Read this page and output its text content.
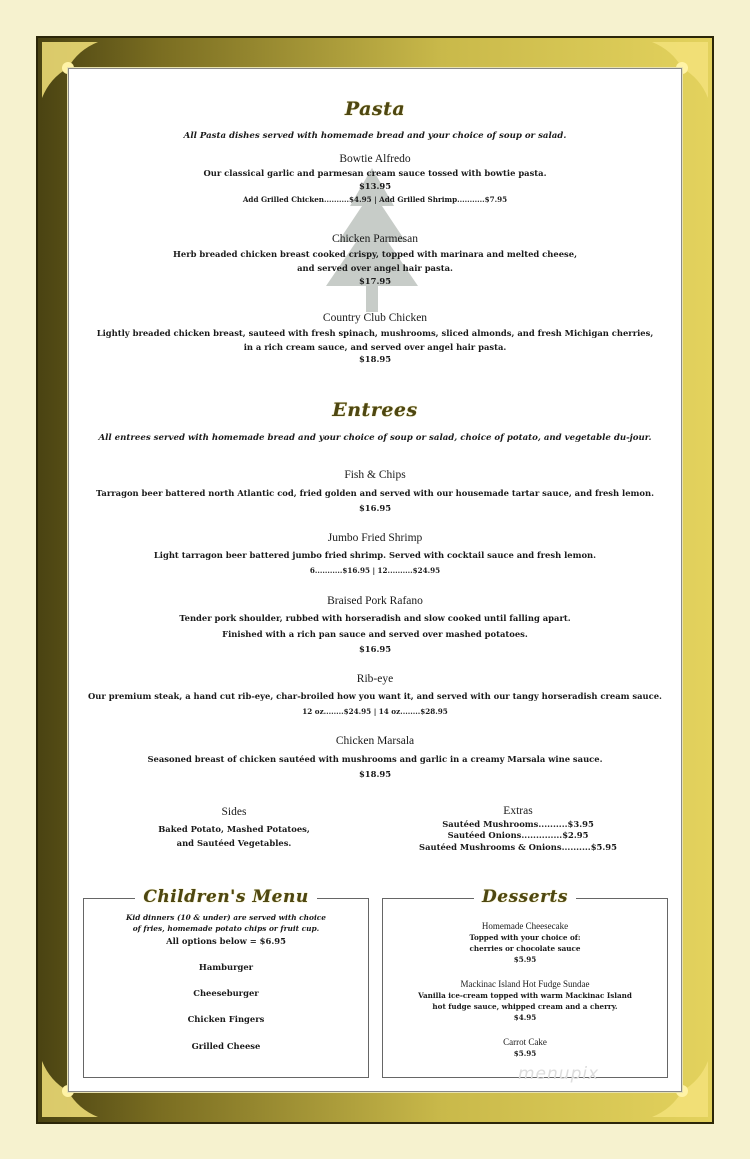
Pasta
All Pasta dishes served with homemade bread and your choice of soup or salad.
Bowtie Alfredo
Our classical garlic and parmesan cream sauce tossed with bowtie pasta.
$13.95
Add Grilled Chicken..........$4.95 | Add Grilled Shrimp...........$7.95
Chicken Parmesan
Herb breaded chicken breast cooked crispy, topped with marinara and melted cheese,
and served over angel hair pasta.
$17.95
Country Club Chicken
Lightly breaded chicken breast, sauteed with fresh spinach, mushrooms, sliced almonds, and fresh Michigan cherries,
in a rich cream sauce, and served over angel hair pasta.
$18.95
Entrees
All entrees served with homemade bread and your choice of soup or salad, choice of potato, and vegetable du-jour.
Fish & Chips
Tarragon beer battered north Atlantic cod, fried golden and served with our housemade tartar sauce, and fresh lemon.
$16.95
Jumbo Fried Shrimp
Light tarragon beer battered jumbo fried shrimp. Served with cocktail sauce and fresh lemon.
6...........$16.95 | 12..........$24.95
Braised Pork Rafano
Tender pork shoulder, rubbed with horseradish and slow cooked until falling apart.
Finished with a rich pan sauce and served over mashed potatoes.
$16.95
Rib-eye
Our premium steak, a hand cut rib-eye, char-broiled how you want it, and served with our tangy horseradish cream sauce.
12 oz........$24.95 | 14 oz........$28.95
Chicken Marsala
Seasoned breast of chicken sautéed with mushrooms and garlic in a creamy Marsala wine sauce.
$18.95
Sides
Baked Potato, Mashed Potatoes,
and Sautéed Vegetables.
Extras
Sautéed Mushrooms..........$3.95
Sautéed Onions..............$2.95
Sautéed Mushrooms & Onions..........$5.95
Children's Menu
Kid dinners (10 & under) are served with choice
of fries, homemade potato chips or fruit cup.
All options below = $6.95
Hamburger
Cheeseburger
Chicken Fingers
Grilled Cheese
Desserts
Homemade Cheesecake
Topped with your choice of:
cherries or chocolate sauce
$5.95
Mackinac Island Hot Fudge Sundae
Vanilla ice-cream topped with warm Mackinac Island
hot fudge sauce, whipped cream and a cherry.
$4.95
Carrot Cake
$5.95
menupix
